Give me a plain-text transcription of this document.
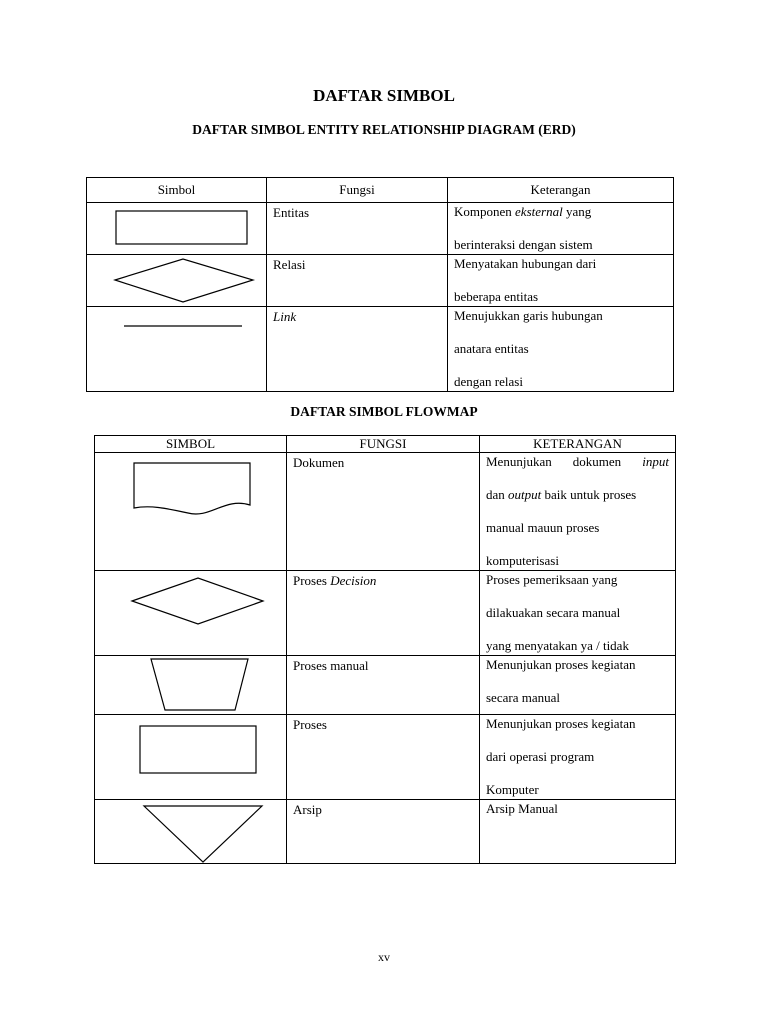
DAFTAR SIMBOL
DAFTAR SIMBOL ENTITY RELATIONSHIP DIAGRAM (ERD)
Simbol	Fungsi	Keterangan

	Entitas	Komponen eksternal yang
berinteraksi dengan sistem

	Relasi	Menyatakan hubungan dari
beberapa entitas

	Link	Menujukkan garis hubungan
anatara entitas
dengan relasi
DAFTAR SIMBOL FLOWMAP
SIMBOL	FUNGSI	KETERANGAN

	Dokumen	Menunjukan dokumen input
dan output baik untuk proses
manual mauun proses
komputerisasi

	Proses Decision	Proses pemeriksaan yang
dilakuakan secara manual
yang menyatakan ya / tidak

	Proses manual	Menunjukan proses kegiatan
secara manual

	Proses	Menunjukan proses kegiatan
dari operasi program
Komputer

	Arsip	Arsip Manual
xv
